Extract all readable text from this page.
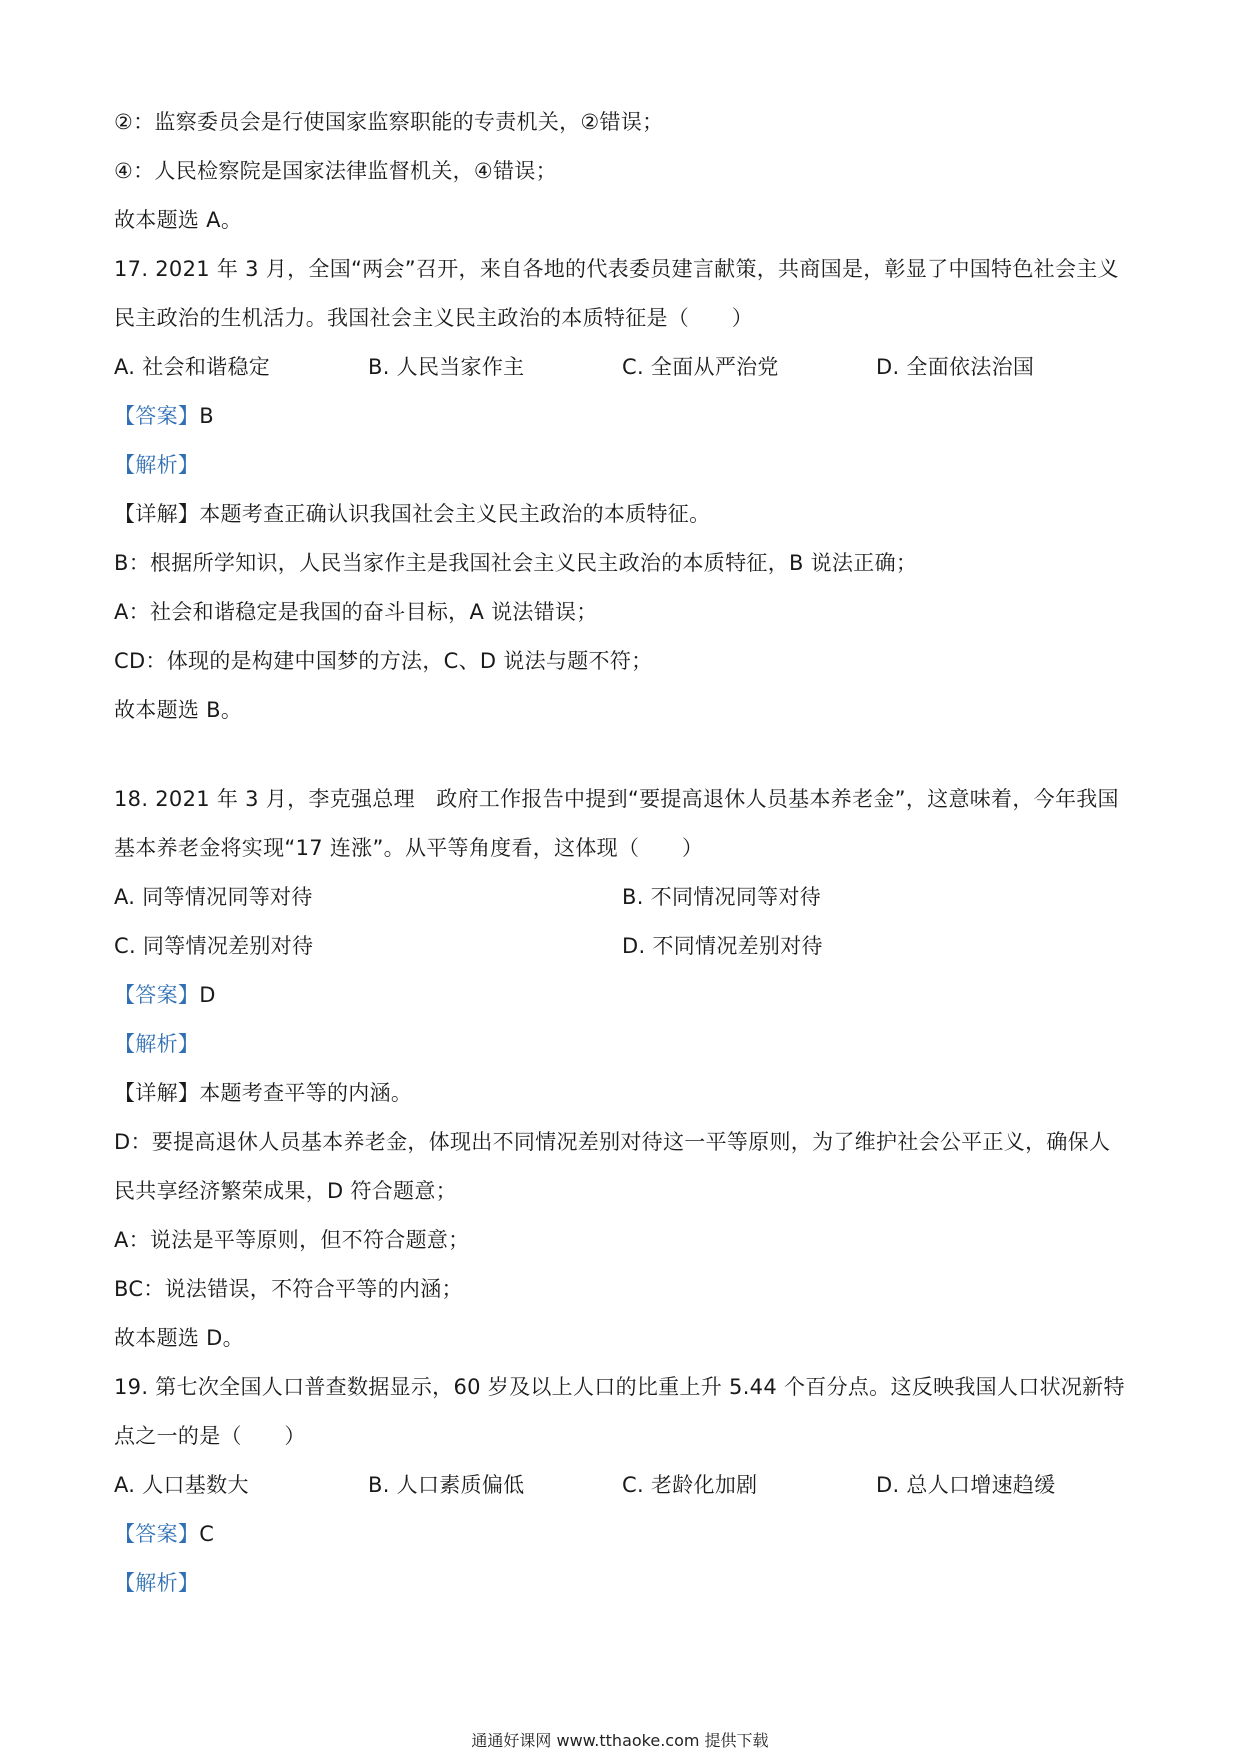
②：监察委员会是行使国家监察职能的专责机关，②错误；
④：人民检察院是国家法律监督机关，④错误；
故本题选 A。
17. 2021 年 3 月，全国“两会”召开，来自各地的代表委员建言献策，共商国是，彰显了中国特色社会主义
民主政治的生机活力。我国社会主义民主政治的本质特征是（　　）
A. 社会和谐稳定	B. 人民当家作主	C. 全面从严治党	D. 全面依法治国
【答案】B
【解析】
【详解】本题考查正确认识我国社会主义民主政治的本质特征。
B：根据所学知识，人民当家作主是我国社会主义民主政治的本质特征，B 说法正确；
A：社会和谐稳定是我国的奋斗目标，A 说法错误；
CD：体现的是构建中国梦的方法，C、D 说法与题不符；
故本题选 B。
18. 2021 年 3 月，李克强总理　政府工作报告中提到“要提高退休人员基本养老金”，这意味着，今年我国
基本养老金将实现“17 连涨”。从平等角度看，这体现（　　）
A. 同等情况同等对待	B. 不同情况同等对待
C. 同等情况差别对待	D. 不同情况差别对待
【答案】D
【解析】
【详解】本题考查平等的内涵。
D：要提高退休人员基本养老金，体现出不同情况差别对待这一平等原则，为了维护社会公平正义，确保人
民共享经济繁荣成果，D 符合题意；
A：说法是平等原则，但不符合题意；
BC：说法错误，不符合平等的内涵；
故本题选 D。
19. 第七次全国人口普查数据显示，60 岁及以上人口的比重上升 5.44 个百分点。这反映我国人口状况新特
点之一的是（　　）
A. 人口基数大	B. 人口素质偏低	C. 老龄化加剧	D. 总人口增速趋缓
【答案】C
【解析】
通通好课网 www.tthaoke.com 提供下载
